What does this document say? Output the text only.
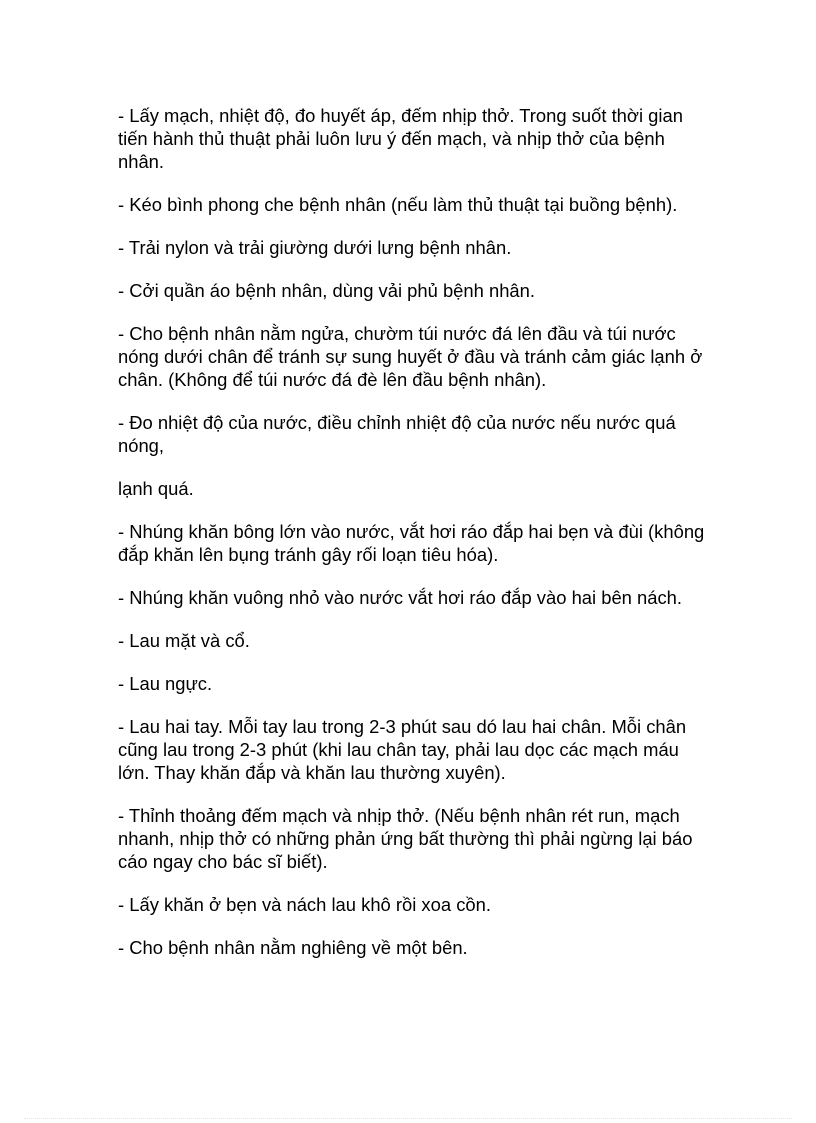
- Lấy mạch, nhiệt độ, đo huyết áp, đếm nhịp thở. Trong suốt thời gian tiến hành thủ thuật phải luôn lưu ý đến mạch, và nhịp thở của bệnh nhân.

- Kéo bình phong che bệnh nhân (nếu làm thủ thuật tại buồng bệnh).

- Trải nylon và trải giường dưới lưng bệnh nhân.

- Cởi quần áo bệnh nhân, dùng vải phủ bệnh nhân.

- Cho bệnh nhân nằm ngửa, chườm túi nước đá lên đầu và túi nước nóng dưới chân để tránh sự sung huyết ở đầu và tránh cảm giác lạnh ở chân. (Không để túi nước đá đè lên đầu bệnh nhân).

- Đo nhiệt độ của nước, điều chỉnh nhiệt độ của nước nếu nước quá nóng,

lạnh quá.

- Nhúng khăn bông lớn vào nước, vắt hơi ráo đắp hai bẹn và đùi (không đắp khăn lên bụng tránh gây rối loạn tiêu hóa).

- Nhúng khăn vuông nhỏ vào nước vắt hơi ráo đắp vào hai bên nách.

- Lau mặt và cổ.

- Lau ngực.

- Lau hai tay. Mỗi tay lau trong 2-3 phút sau dó lau hai chân. Mỗi chân cũng lau trong 2-3 phút (khi lau chân tay, phải lau dọc các mạch máu lớn. Thay khăn đắp và khăn lau thường xuyên).

- Thỉnh thoảng đếm mạch và nhịp thở. (Nếu bệnh nhân rét run, mạch nhanh, nhịp thở có những phản ứng bất thường thì phải ngừng lại báo cáo ngay cho bác sĩ biết).

- Lấy khăn ở bẹn và nách lau khô rồi xoa cồn.

- Cho bệnh nhân nằm nghiêng về một bên.
